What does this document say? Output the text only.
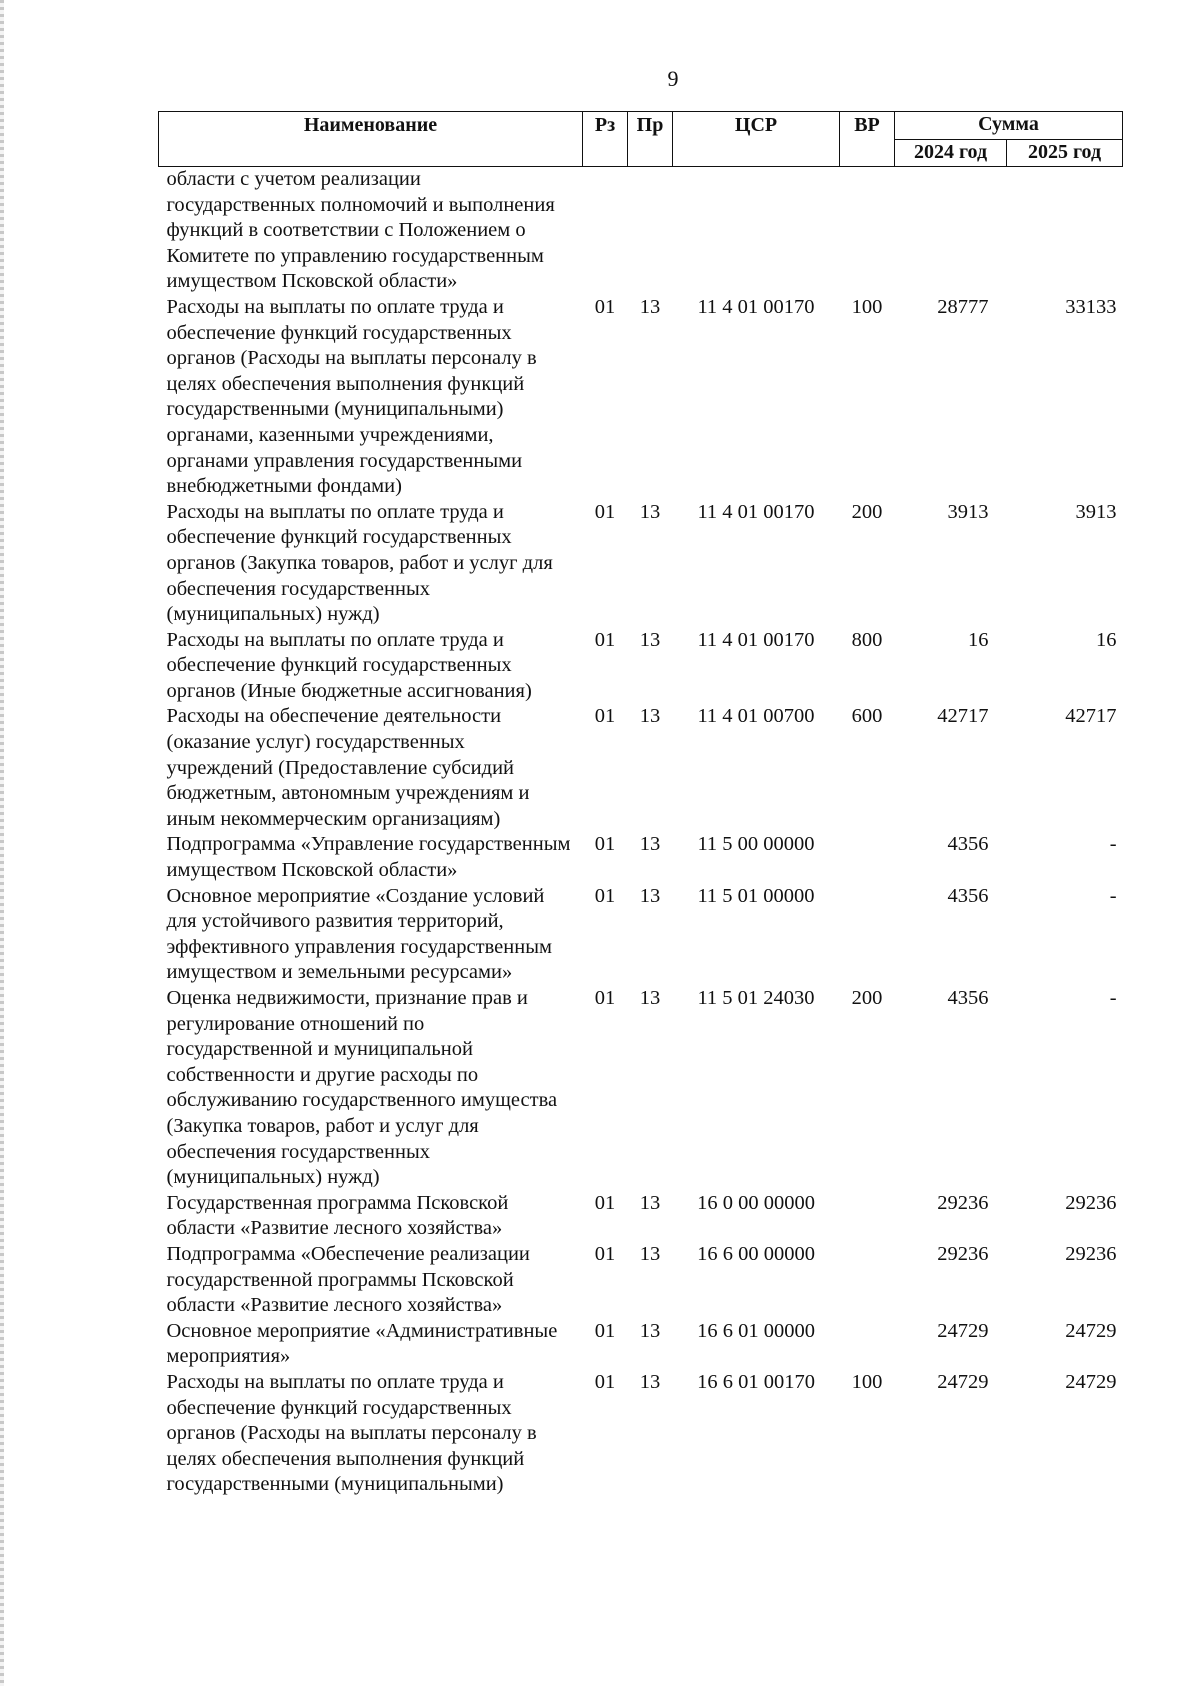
9
Наименование	Рз	Пр	ЦСР	ВР	Сумма	
					2024 год	2025 год
области с учетом реализации государственных полномочий и выполнения функций в соответствии с Положением о Комитете по управлению государственным имуществом Псковской области»						
Расходы на выплаты по оплате труда и обеспечение функций государственных органов (Расходы на выплаты персоналу в целях обеспечения выполнения функций государственными (муниципальными) органами, казенными учреждениями, органами управления государственными внебюджетными фондами)	01	13	11 4 01 00170	100	28777	33133
Расходы на выплаты по оплате труда и обеспечение функций государственных органов (Закупка товаров, работ и услуг для обеспечения государственных (муниципальных) нужд)	01	13	11 4 01 00170	200	3913	3913
Расходы на выплаты по оплате труда и обеспечение функций государственных органов (Иные бюджетные ассигнования)	01	13	11 4 01 00170	800	16	16
Расходы на обеспечение деятельности (оказание услуг) государственных учреждений (Предоставление субсидий бюджетным, автономным учреждениям и иным некоммерческим организациям)	01	13	11 4 01 00700	600	42717	42717
Подпрограмма «Управление государственным имуществом Псковской области»	01	13	11 5 00 00000		4356	-
Основное мероприятие «Создание условий для устойчивого развития территорий, эффективного управления государственным имуществом и земельными ресурсами»	01	13	11 5 01 00000		4356	-
Оценка недвижимости, признание прав и регулирование отношений по государственной и муниципальной собственности и другие расходы по обслуживанию государственного имущества (Закупка товаров, работ и услуг для обеспечения государственных (муниципальных) нужд)	01	13	11 5 01 24030	200	4356	-
Государственная программа Псковской области «Развитие лесного хозяйства»	01	13	16 0 00 00000		29236	29236
Подпрограмма «Обеспечение реализации государственной программы Псковской области «Развитие лесного хозяйства»	01	13	16 6 00 00000		29236	29236
Основное мероприятие «Административные мероприятия»	01	13	16 6 01 00000		24729	24729
Расходы на выплаты по оплате труда и обеспечение функций государственных органов (Расходы на выплаты персоналу в целях обеспечения выполнения функций государственными (муниципальными)	01	13	16 6 01 00170	100	24729	24729
